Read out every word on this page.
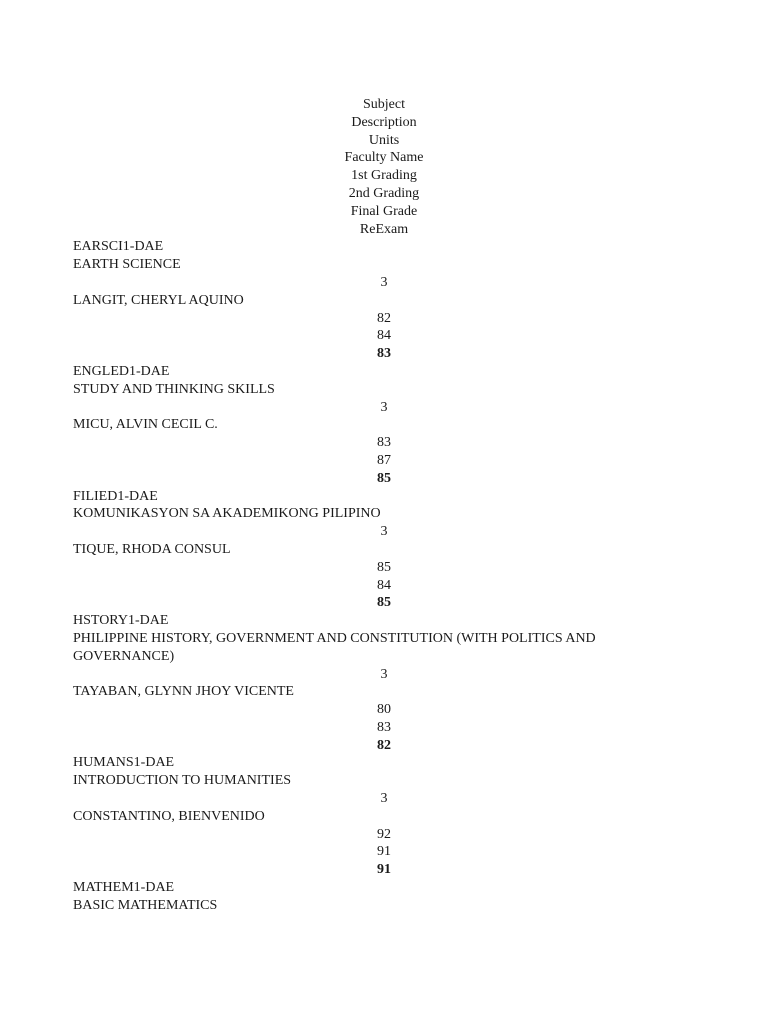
Subject
Description
Units
Faculty Name
1st Grading
2nd Grading
Final Grade
ReExam
EARSCI1-DAE
EARTH SCIENCE
3
LANGIT, CHERYL AQUINO
82
84
83
ENGLED1-DAE
STUDY AND THINKING SKILLS
3
MICU, ALVIN CECIL C.
83
87
85
FILIED1-DAE
KOMUNIKASYON SA AKADEMIKONG PILIPINO
3
TIQUE, RHODA CONSUL
85
84
85
HSTORY1-DAE
PHILIPPINE HISTORY, GOVERNMENT AND CONSTITUTION (WITH POLITICS AND GOVERNANCE)
3
TAYABAN, GLYNN JHOY VICENTE
80
83
82
HUMANS1-DAE
INTRODUCTION TO HUMANITIES
3
CONSTANTINO, BIENVENIDO
92
91
91
MATHEM1-DAE
BASIC MATHEMATICS
